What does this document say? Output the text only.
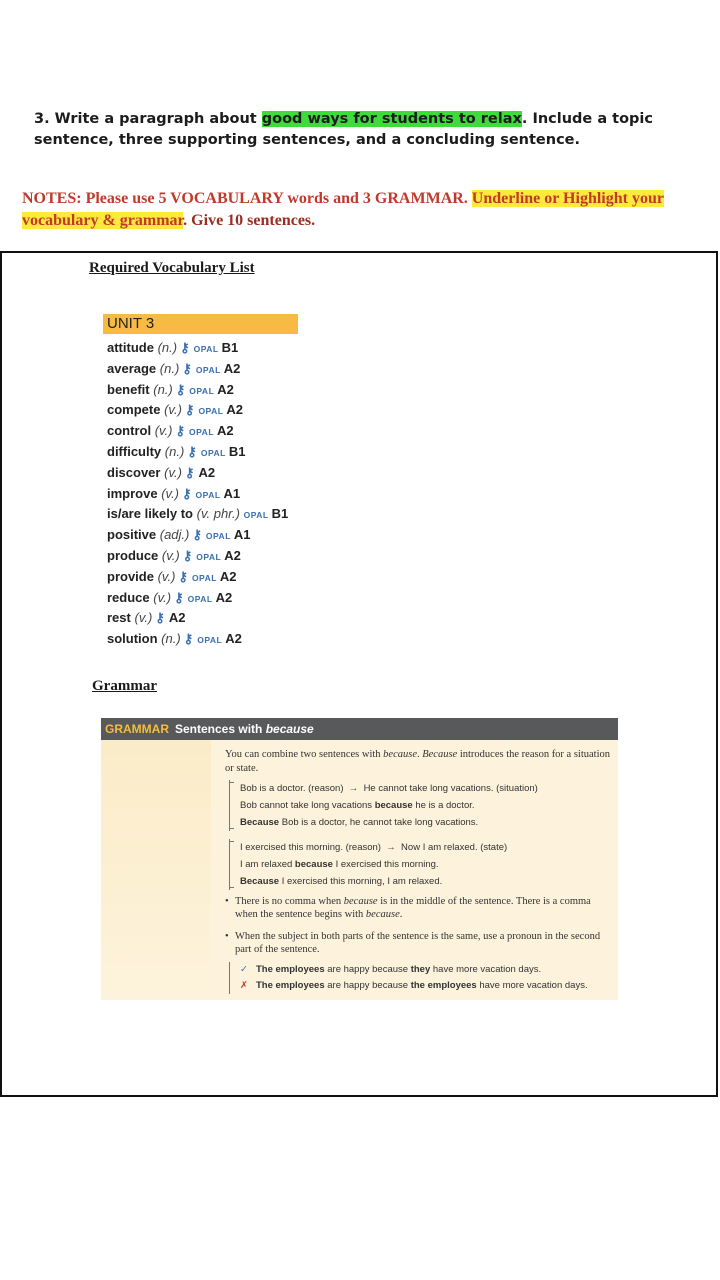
3. Write a paragraph about good ways for students to relax. Include a topic sentence, three supporting sentences, and a concluding sentence.
NOTES: Please use 5 VOCABULARY words and 3 GRAMMAR. Underline or Highlight your vocabulary & grammar. Give 10 sentences.
Required Vocabulary List
UNIT 3
attitude (n.) ⚷ OPAL B1
average (n.) ⚷ OPAL A2
benefit (n.) ⚷ OPAL A2
compete (v.) ⚷ OPAL A2
control (v.) ⚷ OPAL A2
difficulty (n.) ⚷ OPAL B1
discover (v.) ⚷ A2
improve (v.) ⚷ OPAL A1
is/are likely to (v. phr.) OPAL B1
positive (adj.) ⚷ OPAL A1
produce (v.) ⚷ OPAL A2
provide (v.) ⚷ OPAL A2
reduce (v.) ⚷ OPAL A2
rest (v.) ⚷ A2
solution (n.) ⚷ OPAL A2
Grammar
GRAMMAR Sentences with because
You can combine two sentences with because. Because introduces the reason for a situation or state.
Bob is a doctor. (reason) → He cannot take long vacations. (situation)
Bob cannot take long vacations because he is a doctor.
Because Bob is a doctor, he cannot take long vacations.
I exercised this morning. (reason) → Now I am relaxed. (state)
I am relaxed because I exercised this morning.
Because I exercised this morning, I am relaxed.
• There is no comma when because is in the middle of the sentence. There is a comma when the sentence begins with because.
• When the subject in both parts of the sentence is the same, use a pronoun in the second part of the sentence.
✓ The employees are happy because they have more vacation days.
✗ The employees are happy because the employees have more vacation days.
